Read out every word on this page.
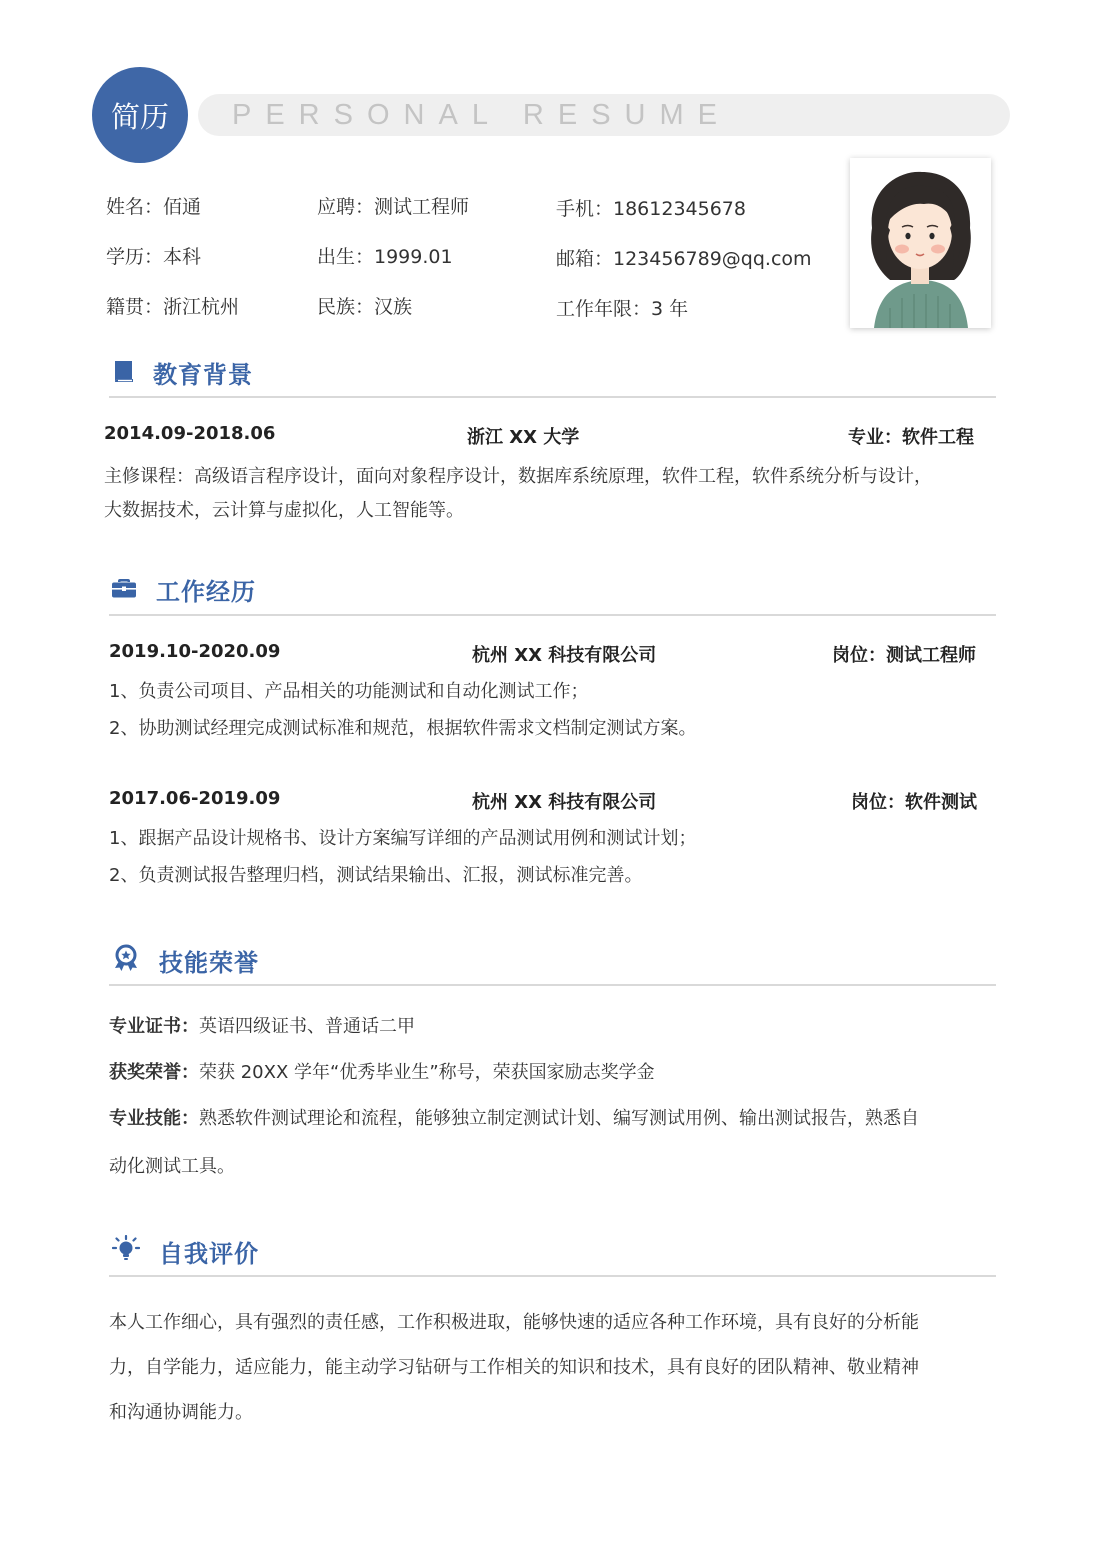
简历 PERSONAL RESUME
姓名：佰通	应聘：测试工程师	手机：18612345678
学历：本科	出生：1999.01	邮箱：123456789@qq.com
籍贯：浙江杭州	民族：汉族	工作年限：3 年
教育背景
2014.09-2018.06	浙江 XX 大学	专业：软件工程
主修课程：高级语言程序设计，面向对象程序设计，数据库系统原理，软件工程，软件系统分析与设计，
大数据技术，云计算与虚拟化，人工智能等。
工作经历
2019.10-2020.09	杭州 XX 科技有限公司	岗位：测试工程师
1、负责公司项目、产品相关的功能测试和自动化测试工作；
2、协助测试经理完成测试标准和规范，根据软件需求文档制定测试方案。
2017.06-2019.09	杭州 XX 科技有限公司	岗位：软件测试
1、跟据产品设计规格书、设计方案编写详细的产品测试用例和测试计划；
2、负责测试报告整理归档，测试结果输出、汇报，测试标准完善。
技能荣誉
专业证书：英语四级证书、普通话二甲
获奖荣誉：荣获 20XX 学年“优秀毕业生”称号，荣获国家励志奖学金
专业技能：熟悉软件测试理论和流程，能够独立制定测试计划、编写测试用例、输出测试报告，熟悉自
动化测试工具。
自我评价
本人工作细心，具有强烈的责任感，工作积极进取，能够快速的适应各种工作环境，具有良好的分析能
力，自学能力，适应能力，能主动学习钻研与工作相关的知识和技术，具有良好的团队精神、敬业精神
和沟通协调能力。
